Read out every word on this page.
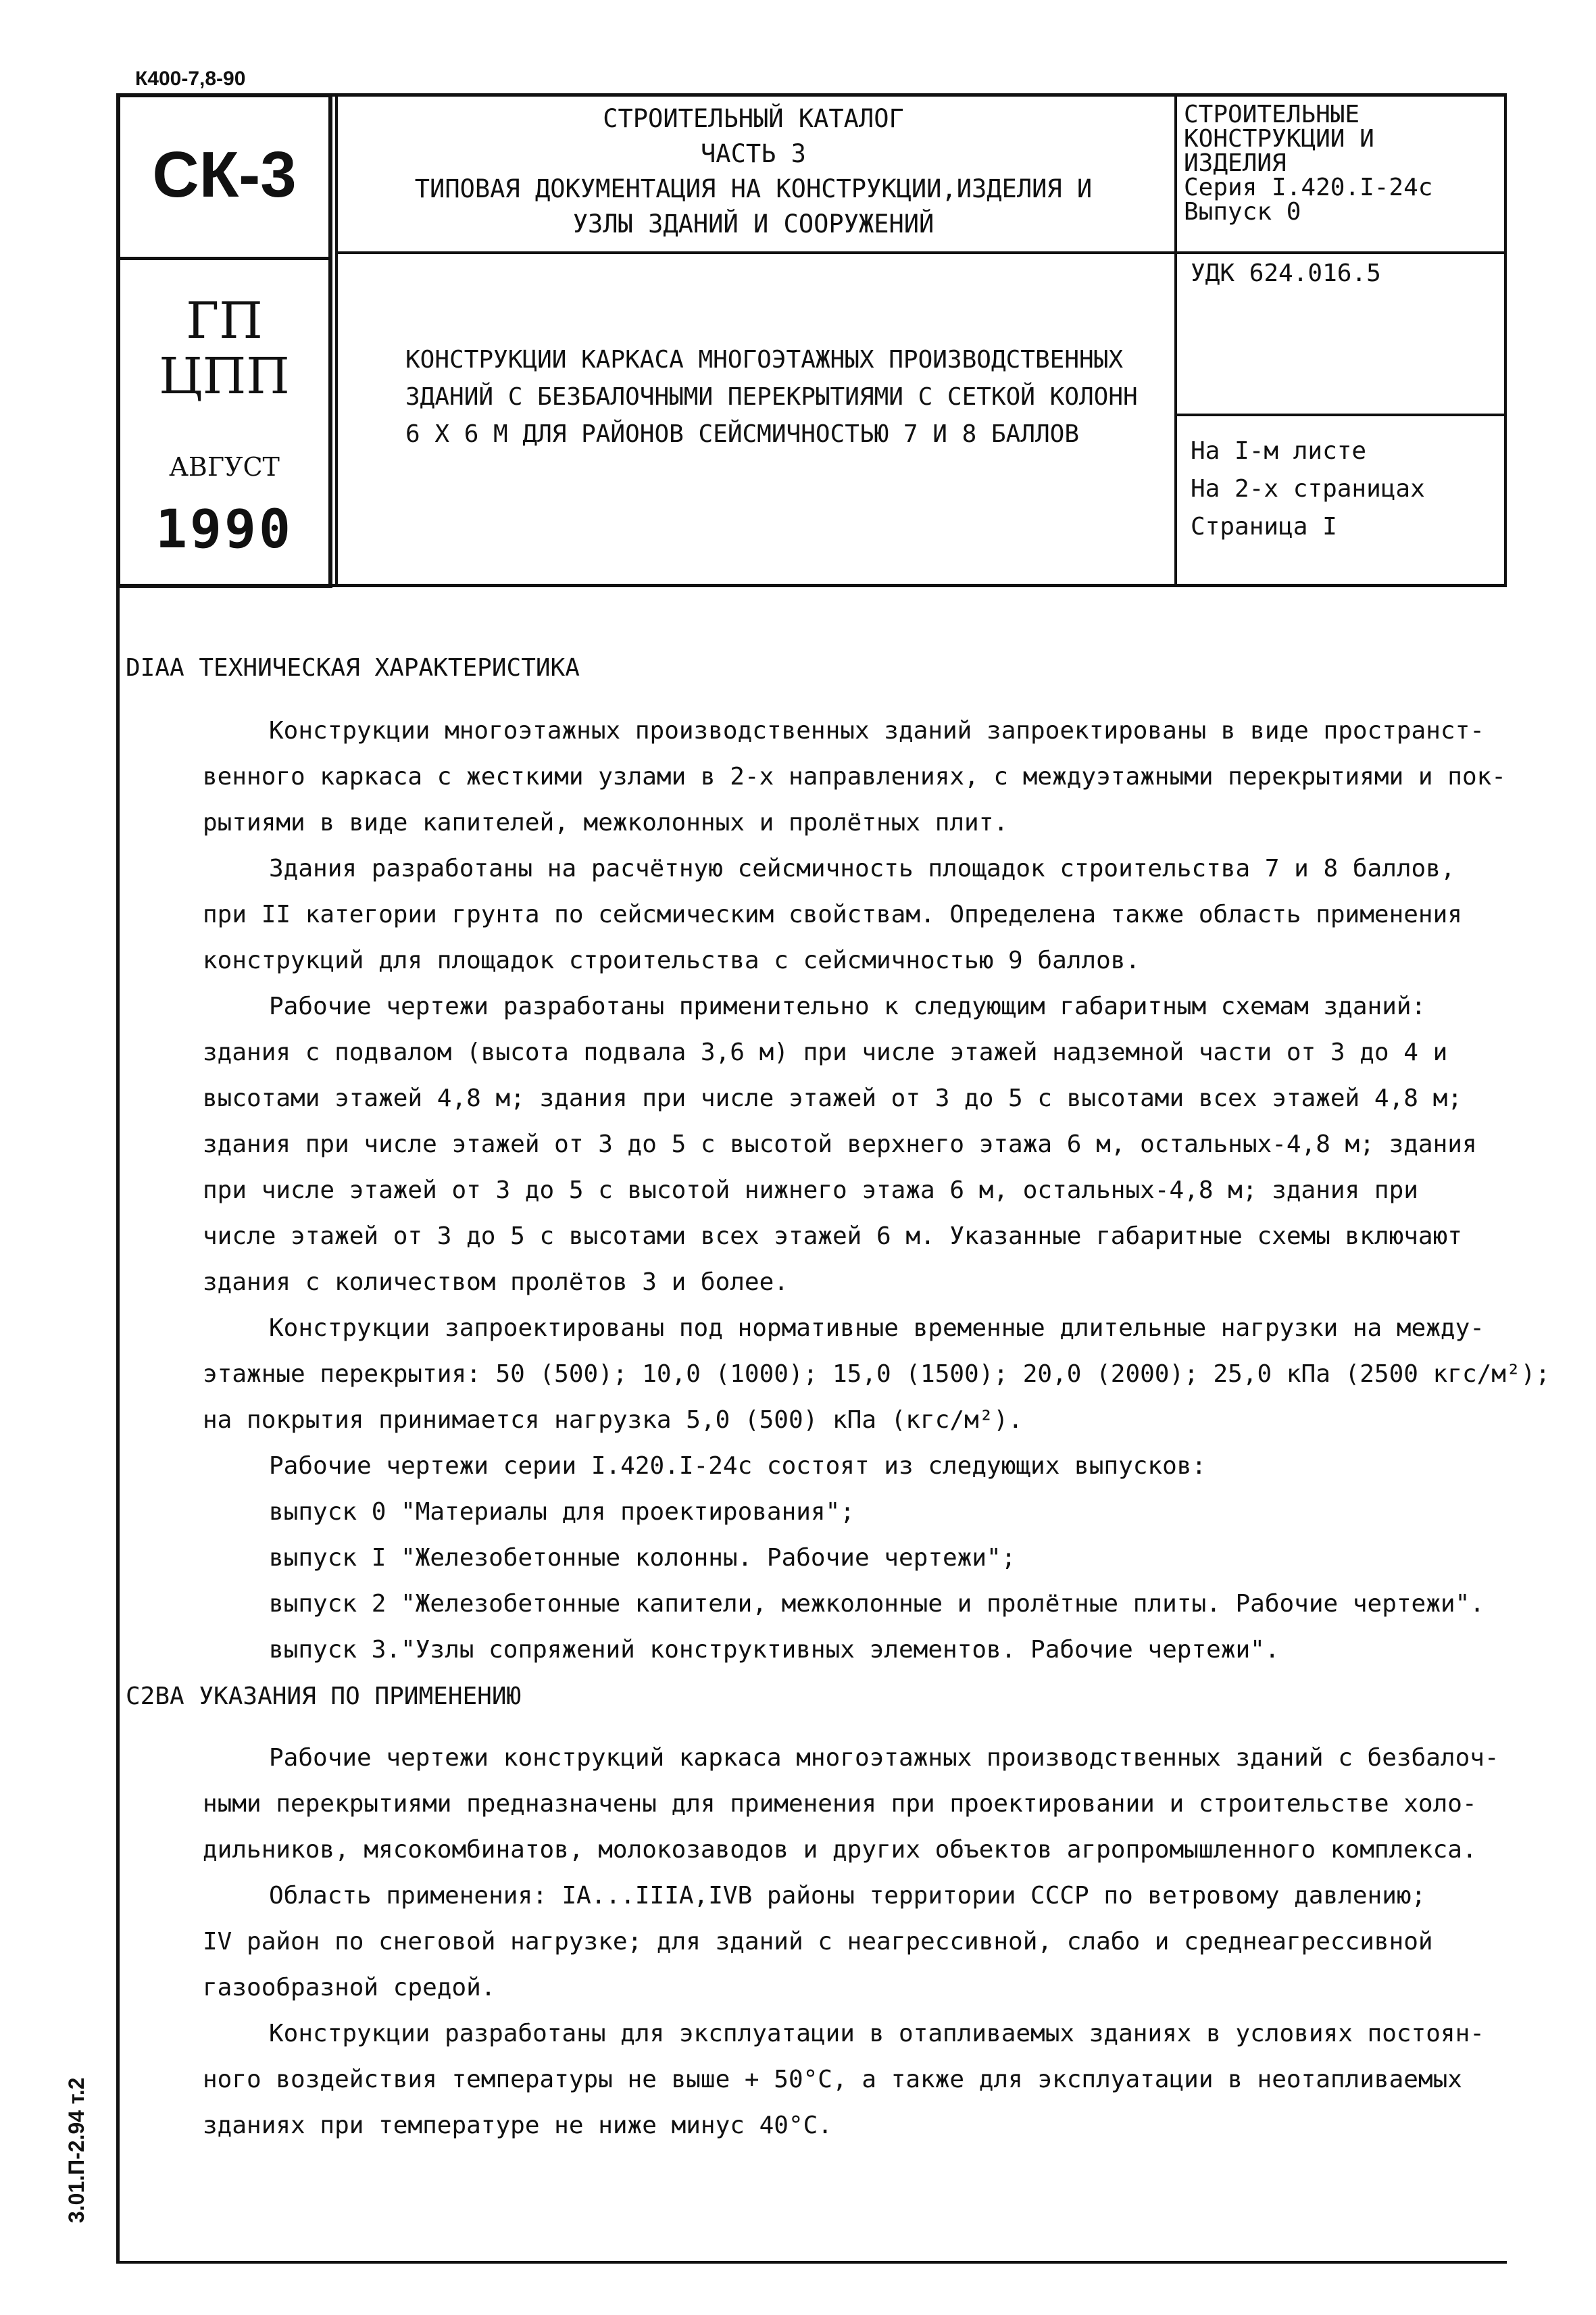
К400-7,8-90
СК-3
ГП
ЦПП
АВГУСТ
1990
СТРОИТЕЛЬНЫЙ КАТАЛОГ
ЧАСТЬ 3
ТИПОВАЯ ДОКУМЕНТАЦИЯ НА КОНСТРУКЦИИ,ИЗДЕЛИЯ И
УЗЛЫ ЗДАНИЙ И СООРУЖЕНИЙ
СТРОИТЕЛЬНЫЕ
КОНСТРУКЦИИ И
ИЗДЕЛИЯ
Серия I.420.I-24с
Выпуск 0
УДК 624.016.5
КОНСТРУКЦИИ КАРКАСА МНОГОЭТАЖНЫХ ПРОИЗВОДСТВЕННЫХ
ЗДАНИЙ С БЕЗБАЛОЧНЫМИ ПЕРЕКРЫТИЯМИ С СЕТКОЙ КОЛОНН
6 Х 6 М ДЛЯ РАЙОНОВ СЕЙСМИЧНОСТЬЮ 7 И 8 БАЛЛОВ
На I-м листе
На 2-х страницах
Страница I
DIAA ТЕХНИЧЕСКАЯ ХАРАКТЕРИСТИКА
Конструкции многоэтажных производственных зданий запроектированы в виде пространст-
венного каркаса с жесткими узлами в 2-х направлениях, с междуэтажными перекрытиями и пок-
рытиями в виде капителей, межколонных и пролётных плит.
Здания разработаны на расчётную сейсмичность площадок строительства 7 и 8 баллов,
при II категории грунта по сейсмическим свойствам. Определена также область применения
конструкций для площадок строительства с сейсмичностью 9 баллов.
Рабочие чертежи разработаны применительно к следующим габаритным схемам зданий:
здания с подвалом (высота подвала 3,6 м) при числе этажей надземной части от 3 до 4 и
высотами этажей 4,8 м; здания при числе этажей от 3 до 5 с высотами всех этажей 4,8 м;
здания при числе этажей от 3 до 5 с высотой верхнего этажа 6 м, остальных-4,8 м; здания
при числе этажей от 3 до 5 с высотой нижнего этажа 6 м, остальных-4,8 м; здания при
числе этажей от 3 до 5 с высотами всех этажей 6 м. Указанные габаритные схемы включают
здания с количеством пролётов 3 и более.
Конструкции запроектированы под нормативные временные длительные нагрузки на между-
этажные перекрытия: 50 (500); 10,0 (1000); 15,0 (1500); 20,0 (2000); 25,0 кПа (2500 кгс/м²);
на покрытия принимается нагрузка 5,0 (500) кПа (кгс/м²).
Рабочие чертежи серии I.420.I-24с состоят из следующих выпусков:
выпуск 0 "Материалы для проектирования";
выпуск I "Железобетонные колонны. Рабочие чертежи";
выпуск 2 "Железобетонные капители, межколонные и пролётные плиты. Рабочие чертежи".
выпуск 3."Узлы сопряжений конструктивных элементов. Рабочие чертежи".
C2BA УКАЗАНИЯ ПО ПРИМЕНЕНИЮ
Рабочие чертежи конструкций каркаса многоэтажных производственных зданий с безбалоч-
ными перекрытиями предназначены для применения при проектировании и строительстве холо-
дильников, мясокомбинатов, молокозаводов и других объектов агропромышленного комплекса.
Область применения: IA...IIIA,IVB районы территории СССР по ветровому давлению;
IV район по снеговой нагрузке; для зданий с неагрессивной, слабо и среднеагрессивной
газообразной средой.
Конструкции разработаны для эксплуатации в отапливаемых зданиях в условиях постоян-
ного воздействия температуры не выше + 50°С, а также для эксплуатации в неотапливаемых
зданиях при температуре не ниже минус 40°С.
3.01.П-2.94 т.2
